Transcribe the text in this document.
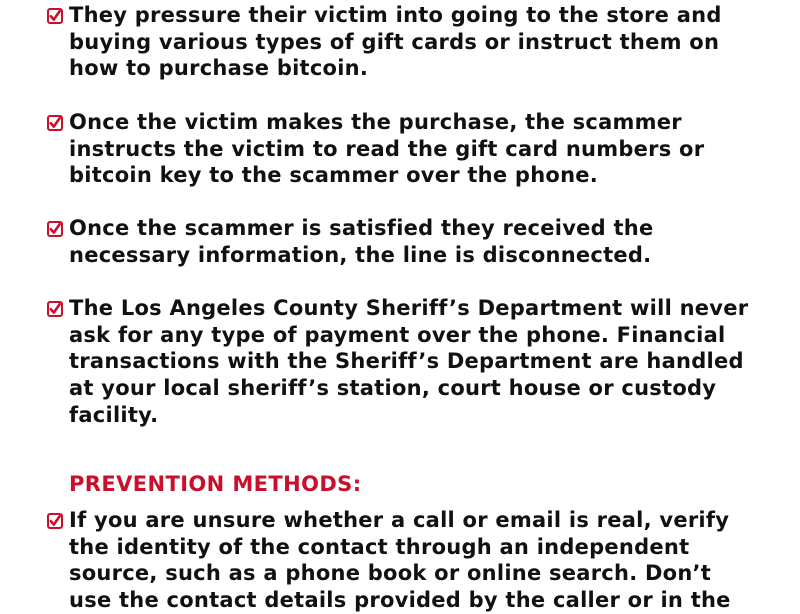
They pressure their victim into going to the store and
buying various types of gift cards or instruct them on
how to purchase bitcoin.
Once the victim makes the purchase, the scammer
instructs the victim to read the gift card numbers or
bitcoin key to the scammer over the phone.
Once the scammer is satisfied they received the
necessary information, the line is disconnected.
The Los Angeles County Sheriff’s Department will never
ask for any type of payment over the phone. Financial
transactions with the Sheriff’s Department are handled
at your local sheriff’s station, court house or custody
facility.
PREVENTION METHODS:
If you are unsure whether a call or email is real, verify
the identity of the contact through an independent
source, such as a phone book or online search. Don’t
use the contact details provided by the caller or in the
